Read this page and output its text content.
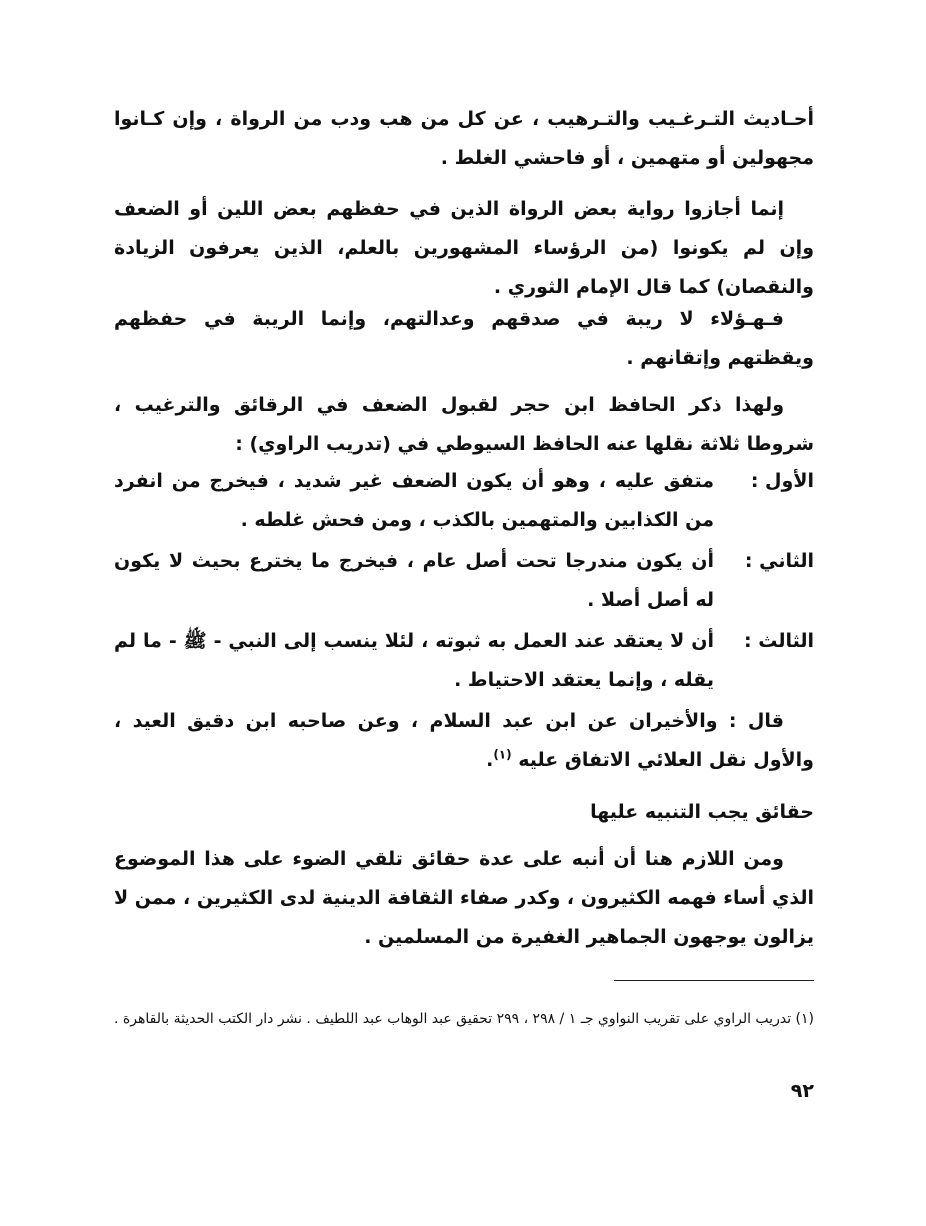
أحـاديث التـرغـيب والتـرهيب ، عن كل من هب ودب من الرواة ، وإن كـانوا مجهولين أو متهمين ، أو فاحشي الغلط .

إنما أجازوا رواية بعض الرواة الذين في حفظهم بعض اللين أو الضعف وإن لم يكونوا (من الرؤساء المشهورين بالعلم، الذين يعرفون الزيادة والنقصان) كما قال الإمام الثوري .

فـهـؤلاء لا ريبة في صدقهم وعدالتهم، وإنما الريبة في حفظهم ويقظتهم وإتقانهم .

ولهذا ذكر الحافظ ابن حجر لقبول الضعف في الرقائق والترغيب ، شروطا ثلاثة نقلها عنه الحافظ السيوطي في (تدريب الراوي) :

الأول :
متفق عليه ، وهو أن يكون الضعف غير شديد ، فيخرج من انفرد من الكذابين والمتهمين بالكذب ، ومن فحش غلطه .
الثاني :
أن يكون مندرجا تحت أصل عام ، فيخرج ما يخترع بحيث لا يكون له أصل أصلا .
الثالث :
أن لا يعتقد عند العمل به ثبوته ، لئلا ينسب إلى النبي - ﷺ - ما لم يقله ، وإنما يعتقد الاحتياط .

قال : والأخيران عن ابن عبد السلام ، وعن صاحبه ابن دقيق العيد ، والأول نقل العلائي الاتفاق عليه $^{(١)}$.

حقائق يجب التنبيه عليها

ومن اللازم هنا أن أنبه على عدة حقائق تلقي الضوء على هذا الموضوع الذي أساء فهمه الكثيرون ، وكدر صفاء الثقافة الدينية لدى الكثيرين ، ممن لا يزالون يوجهون الجماهير الغفيرة من المسلمين .

(١) تدريب الراوي على تقريب النواوي جـ ١ / ٢٩٨ ، ٢٩٩ تحقيق عبد الوهاب عبد اللطيف . نشر دار الكتب الحديثة بالقاهرة .

٩٢
